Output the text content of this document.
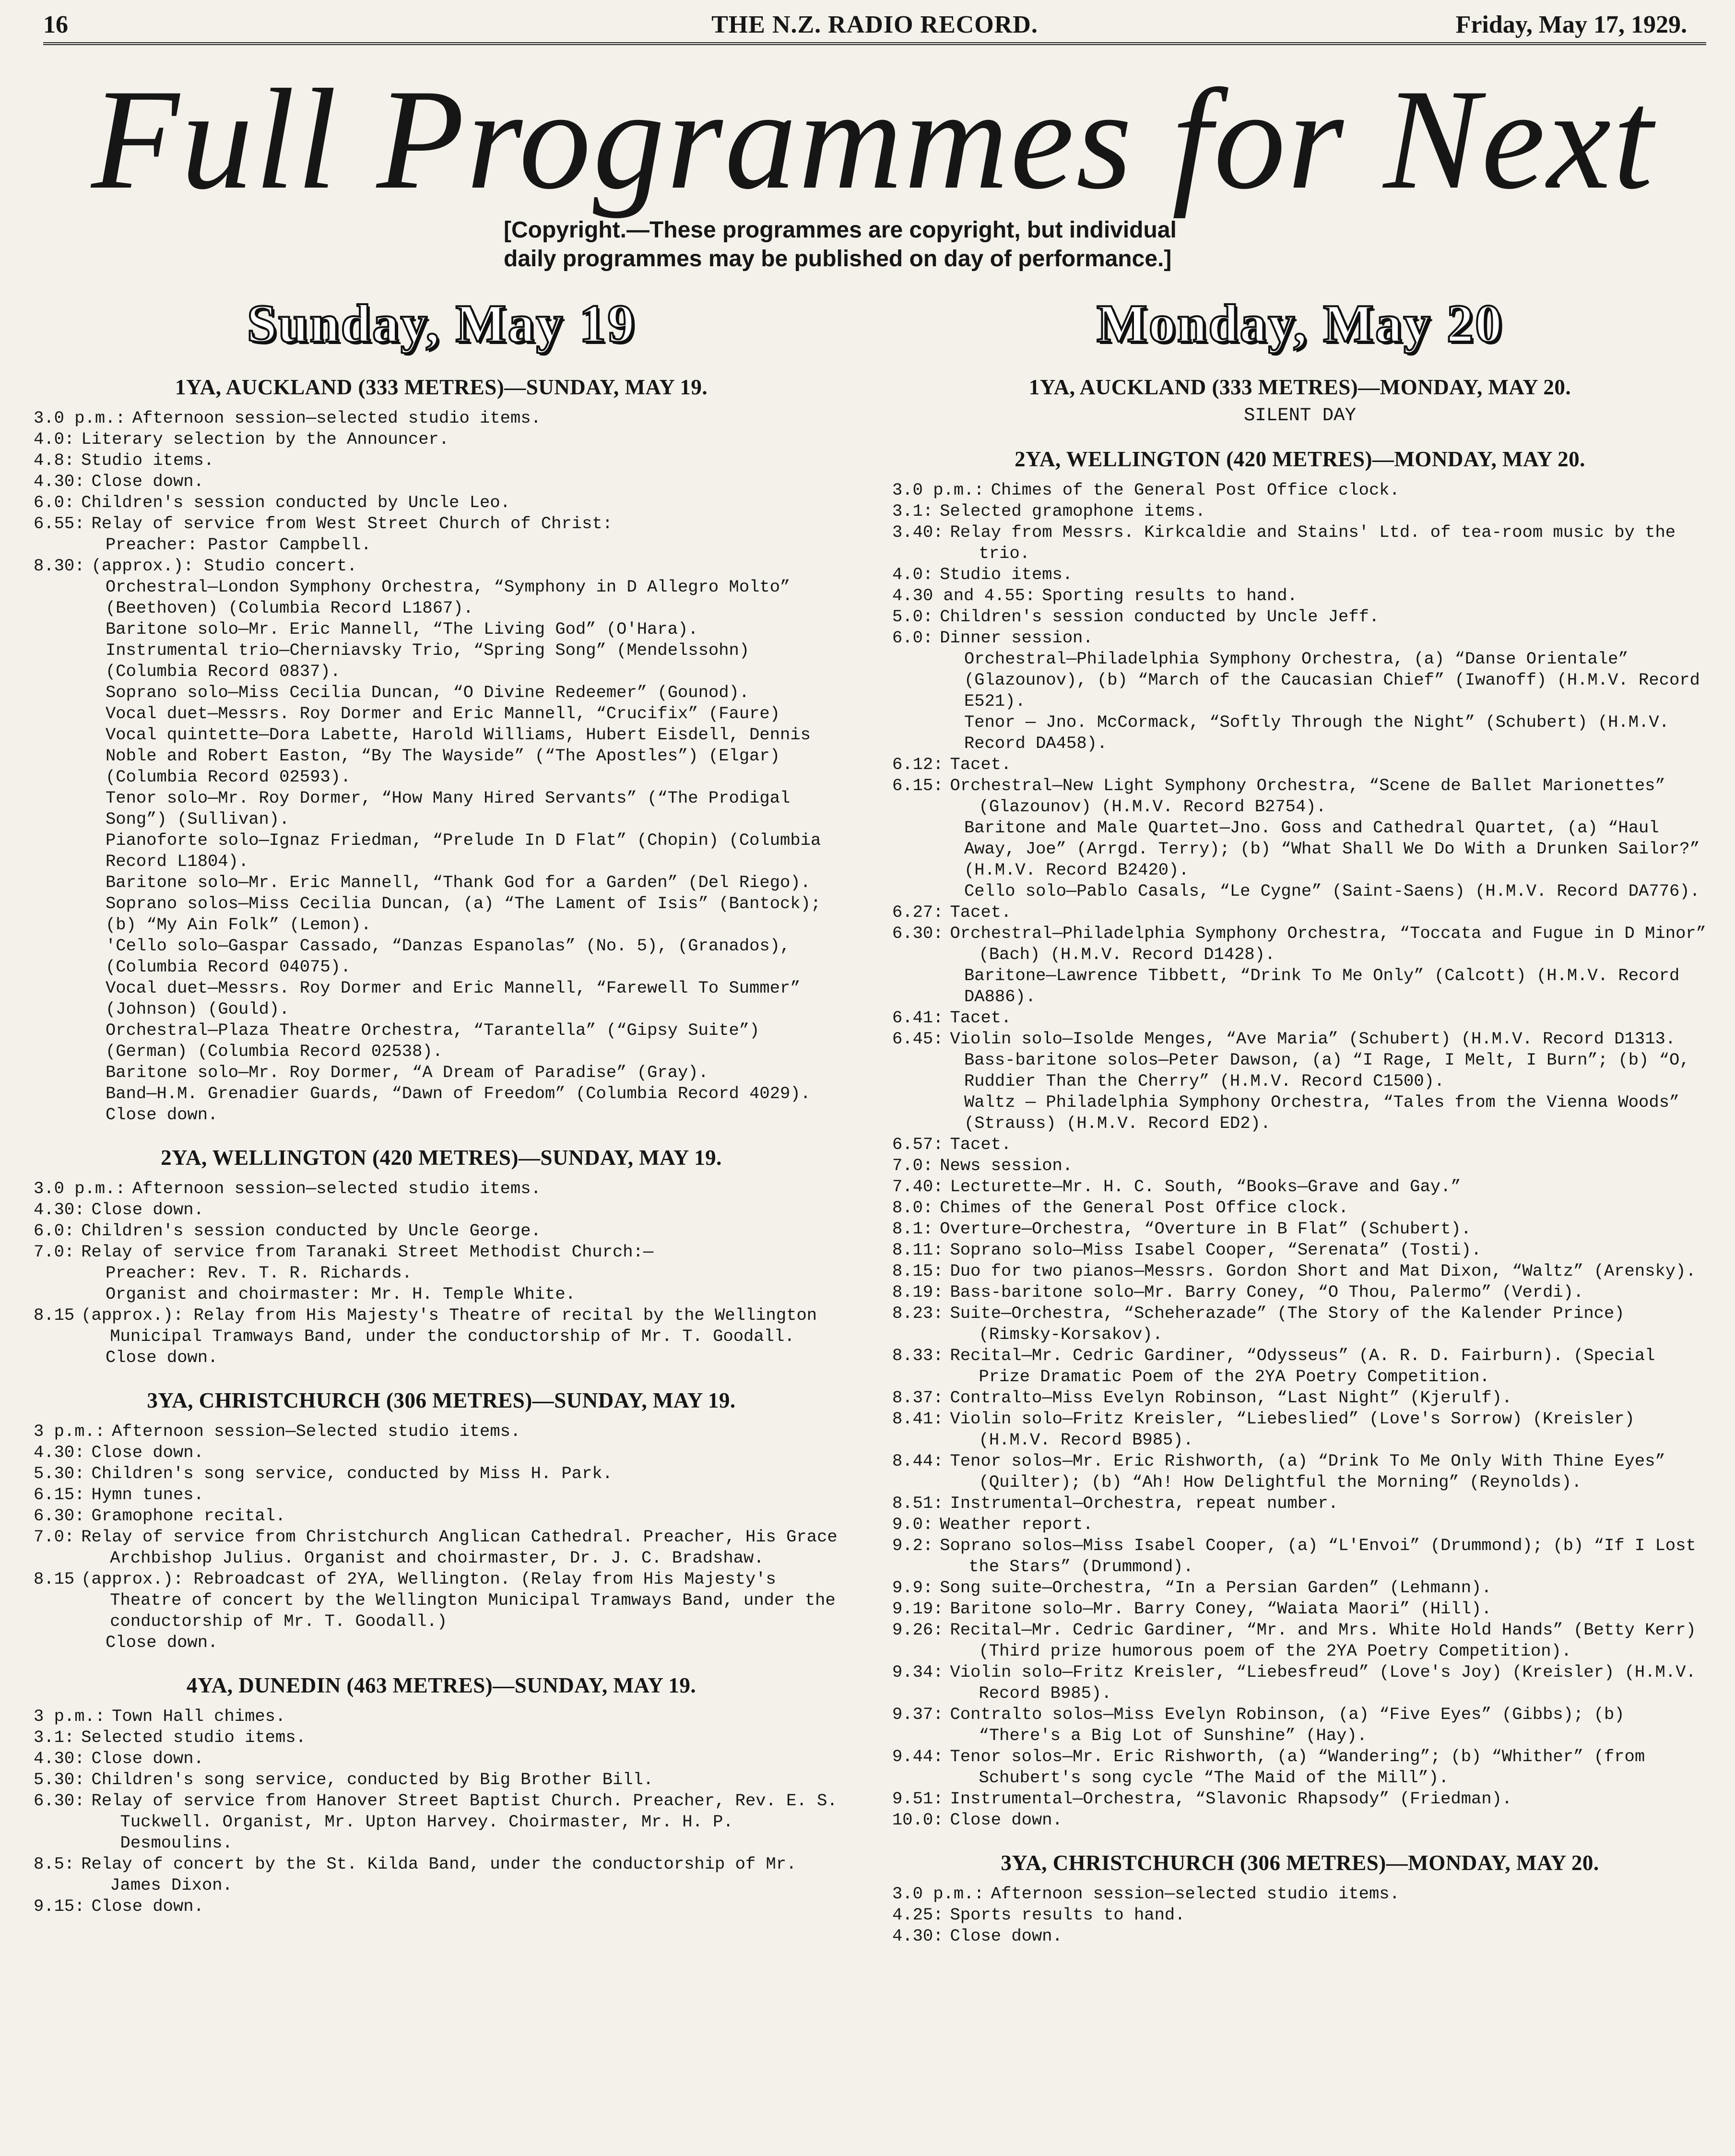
16	THE N.Z. RADIO RECORD.	Friday, May 17, 1929.
Full Programmes for Next
[Copyright.—These programmes are copyright, but individual
daily programmes may be published on day of performance.]
Sunday, May 19
1YA, AUCKLAND (333 METRES)—SUNDAY, MAY 19.
3.0 p.m.: Afternoon session—selected studio items.
4.0: Literary selection by the Announcer.
4.8: Studio items.
4.30: Close down.
6.0: Children's session conducted by Uncle Leo.
6.55: Relay of service from West Street Church of Christ:
Preacher: Pastor Campbell.
8.30: (approx.): Studio concert.
Orchestral—London Symphony Orchestra, “Symphony in D Allegro Molto” (Beethoven) (Columbia Record L1867).
Baritone solo—Mr. Eric Mannell, “The Living God” (O'Hara).
Instrumental trio—Cherniavsky Trio, “Spring Song” (Mendelssohn) (Columbia Record 0837).
Soprano solo—Miss Cecilia Duncan, “O Divine Redeemer” (Gounod).
Vocal duet—Messrs. Roy Dormer and Eric Mannell, “Crucifix” (Faure)
Vocal quintette—Dora Labette, Harold Williams, Hubert Eisdell, Dennis Noble and Robert Easton, “By The Wayside” (“The Apostles”) (Elgar) (Columbia Record 02593).
Tenor solo—Mr. Roy Dormer, “How Many Hired Servants” (“The Prodigal Song”) (Sullivan).
Pianoforte solo—Ignaz Friedman, “Prelude In D Flat” (Chopin) (Columbia Record L1804).
Baritone solo—Mr. Eric Mannell, “Thank God for a Garden” (Del Riego).
Soprano solos—Miss Cecilia Duncan, (a) “The Lament of Isis” (Bantock); (b) “My Ain Folk” (Lemon).
'Cello solo—Gaspar Cassado, “Danzas Espanolas” (No. 5), (Granados), (Columbia Record 04075).
Vocal duet—Messrs. Roy Dormer and Eric Mannell, “Farewell To Summer” (Johnson) (Gould).
Orchestral—Plaza Theatre Orchestra, “Tarantella” (“Gipsy Suite”) (German) (Columbia Record 02538).
Baritone solo—Mr. Roy Dormer, “A Dream of Paradise” (Gray).
Band—H.M. Grenadier Guards, “Dawn of Freedom” (Columbia Record 4029).
Close down.
2YA, WELLINGTON (420 METRES)—SUNDAY, MAY 19.
3.0 p.m.: Afternoon session—selected studio items.
4.30: Close down.
6.0: Children's session conducted by Uncle George.
7.0: Relay of service from Taranaki Street Methodist Church:—
Preacher: Rev. T. R. Richards.
Organist and choirmaster: Mr. H. Temple White.
8.15 (approx.): Relay from His Majesty's Theatre of recital by the Wellington Municipal Tramways Band, under the conductorship of Mr. T. Goodall.
Close down.
3YA, CHRISTCHURCH (306 METRES)—SUNDAY, MAY 19.
3 p.m.: Afternoon session—Selected studio items.
4.30: Close down.
5.30: Children's song service, conducted by Miss H. Park.
6.15: Hymn tunes.
6.30: Gramophone recital.
7.0: Relay of service from Christchurch Anglican Cathedral. Preacher, His Grace Archbishop Julius. Organist and choirmaster, Dr. J. C. Bradshaw.
8.15 (approx.): Rebroadcast of 2YA, Wellington. (Relay from His Majesty's Theatre of concert by the Wellington Municipal Tramways Band, under the conductorship of Mr. T. Goodall.)
Close down.
4YA, DUNEDIN (463 METRES)—SUNDAY, MAY 19.
3 p.m.: Town Hall chimes.
3.1: Selected studio items.
4.30: Close down.
5.30: Children's song service, conducted by Big Brother Bill.
6.30: Relay of service from Hanover Street Baptist Church. Preacher, Rev. E. S. Tuckwell. Organist, Mr. Upton Harvey. Choirmaster, Mr. H. P. Desmoulins.
8.5: Relay of concert by the St. Kilda Band, under the conductorship of Mr. James Dixon.
9.15: Close down.
Monday, May 20
1YA, AUCKLAND (333 METRES)—MONDAY, MAY 20.
SILENT DAY
2YA, WELLINGTON (420 METRES)—MONDAY, MAY 20.
3.0 p.m.: Chimes of the General Post Office clock.
3.1: Selected gramophone items.
3.40: Relay from Messrs. Kirkcaldie and Stains' Ltd. of tea-room music by the trio.
4.0: Studio items.
4.30 and 4.55: Sporting results to hand.
5.0: Children's session conducted by Uncle Jeff.
6.0: Dinner session.
Orchestral—Philadelphia Symphony Orchestra, (a) “Danse Orientale” (Glazounov), (b) “March of the Caucasian Chief” (Iwanoff) (H.M.V. Record E521).
Tenor — Jno. McCormack, “Softly Through the Night” (Schubert) (H.M.V. Record DA458).
6.12: Tacet.
6.15: Orchestral—New Light Symphony Orchestra, “Scene de Ballet Marionettes” (Glazounov) (H.M.V. Record B2754).
Baritone and Male Quartet—Jno. Goss and Cathedral Quartet, (a) “Haul Away, Joe” (Arrgd. Terry); (b) “What Shall We Do With a Drunken Sailor?” (H.M.V. Record B2420).
Cello solo—Pablo Casals, “Le Cygne” (Saint-Saens) (H.M.V. Record DA776).
6.27: Tacet.
6.30: Orchestral—Philadelphia Symphony Orchestra, “Toccata and Fugue in D Minor” (Bach) (H.M.V. Record D1428).
Baritone—Lawrence Tibbett, “Drink To Me Only” (Calcott) (H.M.V. Record DA886).
6.41: Tacet.
6.45: Violin solo—Isolde Menges, “Ave Maria” (Schubert) (H.M.V. Record D1313.
Bass-baritone solos—Peter Dawson, (a) “I Rage, I Melt, I Burn”; (b) “O, Ruddier Than the Cherry” (H.M.V. Record C1500).
Waltz — Philadelphia Symphony Orchestra, “Tales from the Vienna Woods” (Strauss) (H.M.V. Record ED2).
6.57: Tacet.
7.0: News session.
7.40: Lecturette—Mr. H. C. South, “Books—Grave and Gay.”
8.0: Chimes of the General Post Office clock.
8.1: Overture—Orchestra, “Overture in B Flat” (Schubert).
8.11: Soprano solo—Miss Isabel Cooper, “Serenata” (Tosti).
8.15: Duo for two pianos—Messrs. Gordon Short and Mat Dixon, “Waltz” (Arensky).
8.19: Bass-baritone solo—Mr. Barry Coney, “O Thou, Palermo” (Verdi).
8.23: Suite—Orchestra, “Scheherazade” (The Story of the Kalender Prince) (Rimsky-Korsakov).
8.33: Recital—Mr. Cedric Gardiner, “Odysseus” (A. R. D. Fairburn). (Special Prize Dramatic Poem of the 2YA Poetry Competition.
8.37: Contralto—Miss Evelyn Robinson, “Last Night” (Kjerulf).
8.41: Violin solo—Fritz Kreisler, “Liebeslied” (Love's Sorrow) (Kreisler) (H.M.V. Record B985).
8.44: Tenor solos—Mr. Eric Rishworth, (a) “Drink To Me Only With Thine Eyes” (Quilter); (b) “Ah! How Delightful the Morning” (Reynolds).
8.51: Instrumental—Orchestra, repeat number.
9.0: Weather report.
9.2: Soprano solos—Miss Isabel Cooper, (a) “L'Envoi” (Drummond); (b) “If I Lost the Stars” (Drummond).
9.9: Song suite—Orchestra, “In a Persian Garden” (Lehmann).
9.19: Baritone solo—Mr. Barry Coney, “Waiata Maori” (Hill).
9.26: Recital—Mr. Cedric Gardiner, “Mr. and Mrs. White Hold Hands” (Betty Kerr) (Third prize humorous poem of the 2YA Poetry Competition).
9.34: Violin solo—Fritz Kreisler, “Liebesfreud” (Love's Joy) (Kreisler) (H.M.V. Record B985).
9.37: Contralto solos—Miss Evelyn Robinson, (a) “Five Eyes” (Gibbs); (b) “There's a Big Lot of Sunshine” (Hay).
9.44: Tenor solos—Mr. Eric Rishworth, (a) “Wandering”; (b) “Whither” (from Schubert's song cycle “The Maid of the Mill”).
9.51: Instrumental—Orchestra, “Slavonic Rhapsody” (Friedman).
10.0: Close down.
3YA, CHRISTCHURCH (306 METRES)—MONDAY, MAY 20.
3.0 p.m.: Afternoon session—selected studio items.
4.25: Sports results to hand.
4.30: Close down.
